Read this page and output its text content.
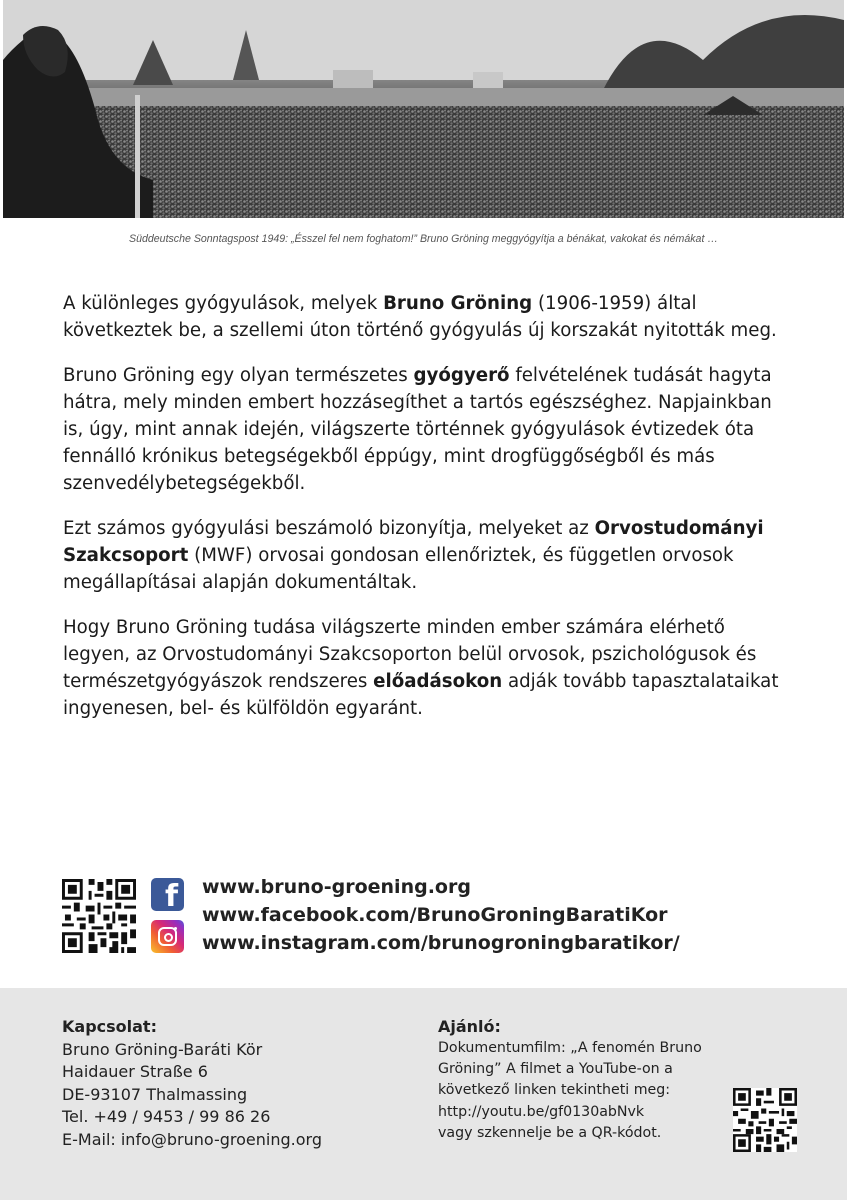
Süddeutsche Sonntagspost 1949: „Ésszel fel nem foghatom!” Bruno Gröning meggyógyítja a bénákat, vakokat és némákat …

A különleges gyógyulások, melyek Bruno Gröning (1906-1959) által következtek be, a szellemi úton történő gyógyulás új korszakát nyitották meg.

Bruno Gröning egy olyan természetes gyógyerő felvételének tudását hagyta hátra, mely minden embert hozzásegíthet a tartós egészséghez. Napjainkban is, úgy, mint annak idején, világszerte történnek gyógyulások évtizedek óta fennálló krónikus betegségekből éppúgy, mint drogfüggőségből és más szenvedélybetegségekből.

Ezt számos gyógyulási beszámoló bizonyítja, melyeket az Orvostudományi Szakcsoport (MWF) orvosai gondosan ellenőriztek, és független orvosok megállapításai alapján dokumentáltak.

Hogy Bruno Gröning tudása világszerte minden ember számára elérhető legyen, az Orvostudományi Szakcsoporton belül orvosok, pszichológusok és természetgyógyászok rendszeres előadásokon adják tovább tapasztalataikat ingyenesen, bel- és külföldön egyaránt.

f www.bruno-groening.org
www.facebook.com/BrunoGroningBaratiKor
www.instagram.com/brunogroningbaratikor/
Kapcsolat:
Bruno Gröning-Baráti Kör
Haidauer Straße 6
DE-93107 Thalmassing
Tel. +49 / 9453 / 99 86 26
E-Mail: info@bruno-groening.org
Ajánló:
Dokumentumfilm: „A fenomén Bruno
Gröning” A filmet a YouTube-on a
következő linken tekintheti meg:
http://youtu.be/gf0130abNvk
vagy szkennelje be a QR-kódot.
